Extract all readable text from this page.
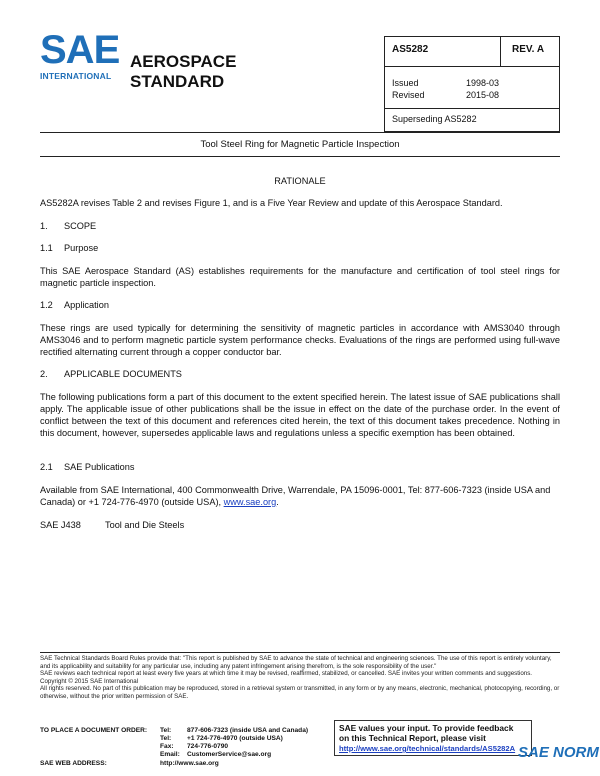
SAE
INTERNATIONAL
AEROSPACE
STANDARD
AS5282	REV. A
Issued	1998-03
Revised	2015-08
Superseding AS5282
Tool Steel Ring for Magnetic Particle Inspection
RATIONALE
AS5282A revises Table 2 and revises Figure 1, and is a Five Year Review and update of this Aerospace Standard.
1. SCOPE
1.1 Purpose
This SAE Aerospace Standard (AS) establishes requirements for the manufacture and certification of tool steel rings for magnetic particle inspection.
1.2 Application
These rings are used typically for determining the sensitivity of magnetic particles in accordance with AMS3040 through AMS3046 and to perform magnetic particle system performance checks. Evaluations of the rings are performed using full-wave rectified alternating current through a copper conductor bar.
2. APPLICABLE DOCUMENTS
The following publications form a part of this document to the extent specified herein. The latest issue of SAE publications shall apply. The applicable issue of other publications shall be the issue in effect on the date of the purchase order. In the event of conflict between the text of this document and references cited herein, the text of this document takes precedence. Nothing in this document, however, supersedes applicable laws and regulations unless a specific exemption has been obtained.
2.1 SAE Publications
Available from SAE International, 400 Commonwealth Drive, Warrendale, PA 15096-0001, Tel: 877-606-7323 (inside USA and Canada) or +1 724-776-4970 (outside USA), www.sae.org.
SAE J438	Tool and Die Steels
SAE Technical Standards Board Rules provide that: "This report is published by SAE to advance the state of technical and engineering sciences. The use of this report is entirely voluntary, and its applicability and suitability for any particular use, including any patent infringement arising therefrom, is the sole responsibility of the user."
SAE reviews each technical report at least every five years at which time it may be revised, reaffirmed, stabilized, or cancelled. SAE invites your written comments and suggestions.
Copyright © 2015 SAE International
All rights reserved. No part of this publication may be reproduced, stored in a retrieval system or transmitted, in any form or by any means, electronic, mechanical, photocopying, recording, or otherwise, without the prior written permission of SAE.
TO PLACE A DOCUMENT ORDER: Tel: 877-606-7323 (inside USA and Canada)
Tel: +1 724-776-4970 (outside USA)
Fax: 724-776-0790
Email: CustomerService@sae.org
SAE WEB ADDRESS:	http://www.sae.org
SAE values your input. To provide feedback
on this Technical Report, please visit
http://www.sae.org/technical/standards/AS5282A SAE NORM
